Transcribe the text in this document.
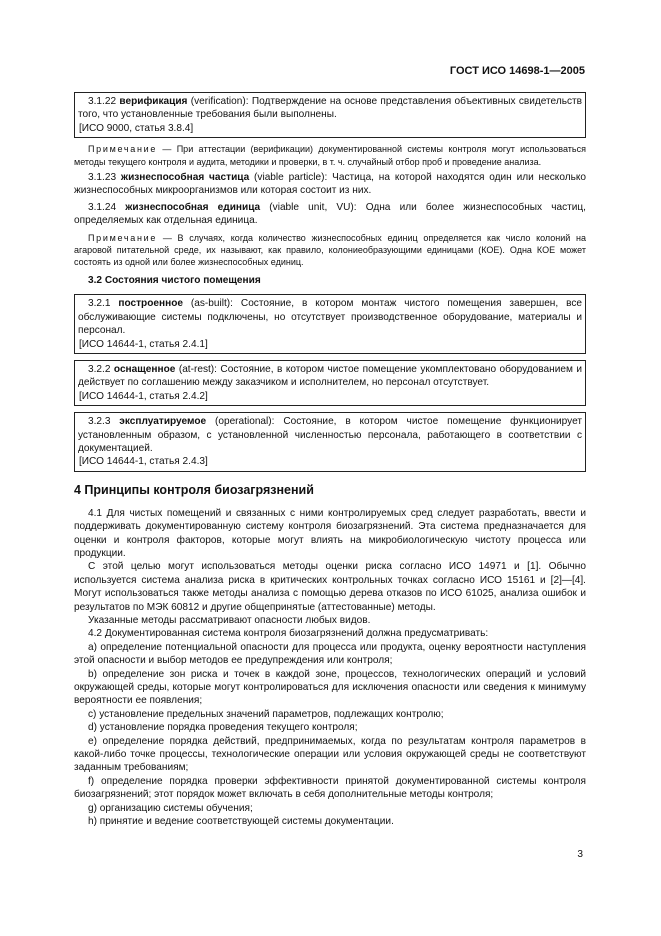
ГОСТ ИСО 14698-1—2005

3.1.22 верификация (verification): Подтверждение на основе представления объективных свидетельств того, что установленные требования были выполнены.

[ИСО 9000, статья 3.8.4]

Примечание — При аттестации (верификации) документированной системы контроля могут использоваться методы текущего контроля и аудита, методики и проверки, в т. ч. случайный отбор проб и проведение анализа.

3.1.23 жизнеспособная частица (viable particle): Частица, на которой находятся один или несколько жизнеспособных микроорганизмов или которая состоит из них.

3.1.24 жизнеспособная единица (viable unit, VU): Одна или более жизнеспособных частиц, определяемых как отдельная единица.

Примечание — В случаях, когда количество жизнеспособных единиц определяется как число колоний на агаровой питательной среде, их называют, как правило, колониеобразующими единицами (КОЕ). Одна КОЕ может состоять из одной или более жизнеспособных единиц.

3.2 Состояния чистого помещения

3.2.1 построенное (as-built): Состояние, в котором монтаж чистого помещения завершен, все обслуживающие системы подключены, но отсутствует производственное оборудование, материалы и персонал.

[ИСО 14644-1, статья 2.4.1]

3.2.2 оснащенное (at-rest): Состояние, в котором чистое помещение укомплектовано оборудованием и действует по соглашению между заказчиком и исполнителем, но персонал отсутствует.

[ИСО 14644-1, статья 2.4.2]

3.2.3 эксплуатируемое (operational): Состояние, в котором чистое помещение функционирует установленным образом, с установленной численностью персонала, работающего в соответствии с документацией.

[ИСО 14644-1, статья 2.4.3]

4 Принципы контроля биозагрязнений

4.1 Для чистых помещений и связанных с ними контролируемых сред следует разработать, ввести и поддерживать документированную систему контроля биозагрязнений. Эта система предназначается для оценки и контроля факторов, которые могут влиять на микробиологическую чистоту процесса или продукции.

С этой целью могут использоваться методы оценки риска согласно ИСО 14971 и [1]. Обычно используется система анализа риска в критических контрольных точках согласно ИСО 15161 и [2]—[4]. Могут использоваться также методы анализа с помощью дерева отказов по ИСО 61025, анализа ошибок и результатов по МЭК 60812 и другие общепринятые (аттестованные) методы.

Указанные методы рассматривают опасности любых видов.

4.2 Документированная система контроля биозагрязнений должна предусматривать:

a) определение потенциальной опасности для процесса или продукта, оценку вероятности наступления этой опасности и выбор методов ее предупреждения или контроля;

b) определение зон риска и точек в каждой зоне, процессов, технологических операций и условий окружающей среды, которые могут контролироваться для исключения опасности или сведения к минимуму вероятности ее появления;

c) установление предельных значений параметров, подлежащих контролю;

d) установление порядка проведения текущего контроля;

e) определение порядка действий, предпринимаемых, когда по результатам контроля параметров в какой-либо точке процессы, технологические операции или условия окружающей среды не соответствуют заданным требованиям;

f) определение порядка проверки эффективности принятой документированной системы контроля биозагрязнений; этот порядок может включать в себя дополнительные методы контроля;

g) организацию системы обучения;

h) принятие и ведение соответствующей системы документации.

3
